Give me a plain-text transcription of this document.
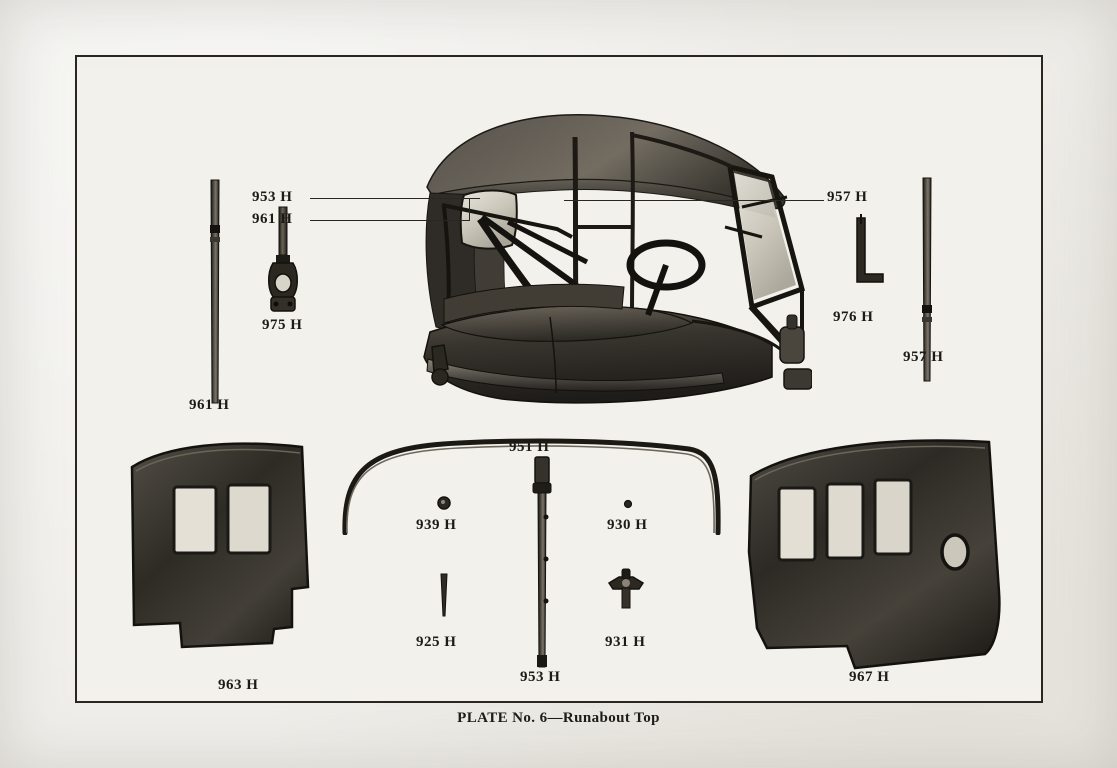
953 H
961 H
957 H
975 H
961 H
976 H
957 H
951 H
939 H	930 H
925 H	931 H
963 H	953 H	967 H
PLATE No. 6—Runabout Top
